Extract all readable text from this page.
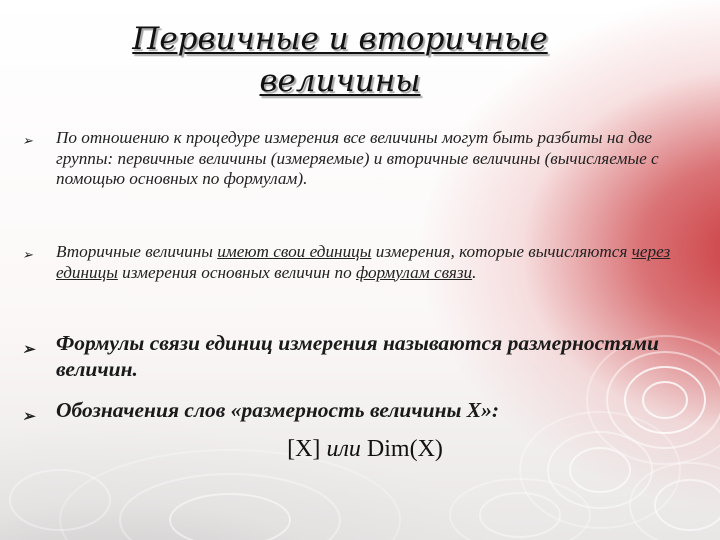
Первичные и вторичные величины
➢ По отношению к процедуре измерения все величины могут быть разбиты на две группы: первичные величины (измеряемые) и вторичные величины (вычисляемые с помощью основных по формулам).
➢ Вторичные величины имеют свои единицы измерения, которые вычисляются через единицы измерения основных величин по формулам связи.
➢ Формулы связи единиц измерения называются размерностями величин.
➢ Обозначения слов «размерность величины X»:
[X] или Dim(X)
